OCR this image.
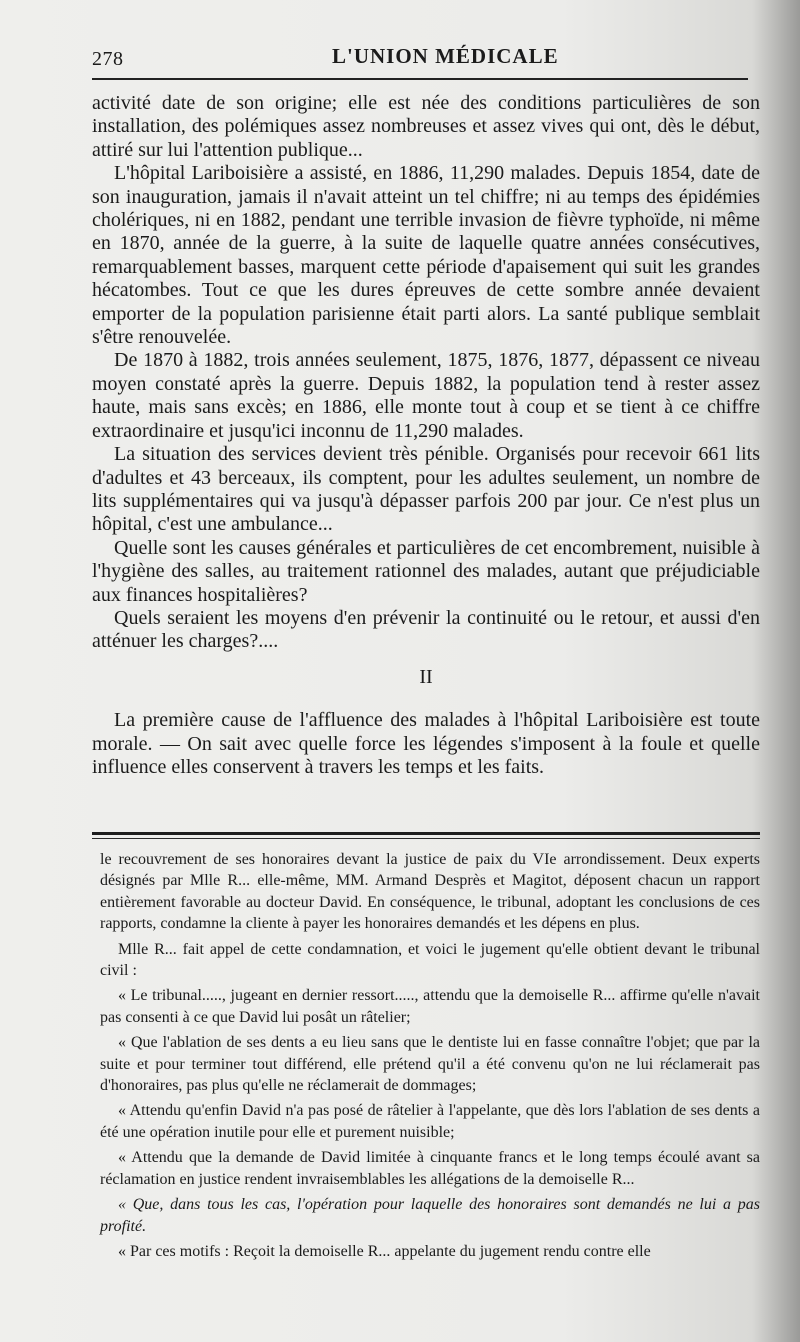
278	L'UNION MÉDICALE

activité date de son origine; elle est née des conditions particulières de son installation, des polémiques assez nombreuses et assez vives qui ont, dès le début, attiré sur lui l'attention publique...

L'hôpital Lariboisière a assisté, en 1886, 11,290 malades. Depuis 1854, date de son inauguration, jamais il n'avait atteint un tel chiffre; ni au temps des épidémies cholériques, ni en 1882, pendant une terrible invasion de fièvre typhoïde, ni même en 1870, année de la guerre, à la suite de laquelle quatre années consécutives, remarquablement basses, marquent cette période d'apaisement qui suit les grandes hécatombes. Tout ce que les dures épreuves de cette sombre année devaient emporter de la population parisienne était parti alors. La santé publique semblait s'être renouvelée.

De 1870 à 1882, trois années seulement, 1875, 1876, 1877, dépassent ce niveau moyen constaté après la guerre. Depuis 1882, la population tend à rester assez haute, mais sans excès; en 1886, elle monte tout à coup et se tient à ce chiffre extraordinaire et jusqu'ici inconnu de 11,290 malades.

La situation des services devient très pénible. Organisés pour recevoir 661 lits d'adultes et 43 berceaux, ils comptent, pour les adultes seulement, un nombre de lits supplémentaires qui va jusqu'à dépasser parfois 200 par jour. Ce n'est plus un hôpital, c'est une ambulance...

Quelle sont les causes générales et particulières de cet encombrement, nuisible à l'hygiène des salles, au traitement rationnel des malades, autant que préjudiciable aux finances hospitalières?

Quels seraient les moyens d'en prévenir la continuité ou le retour, et aussi d'en atténuer les charges?....

II

La première cause de l'affluence des malades à l'hôpital Lariboisière est toute morale. — On sait avec quelle force les légendes s'imposent à la foule et quelle influence elles conservent à travers les temps et les faits.

le recouvrement de ses honoraires devant la justice de paix du VIe arrondissement. Deux experts désignés par Mlle R... elle-même, MM. Armand Desprès et Magitot, déposent chacun un rapport entièrement favorable au docteur David. En conséquence, le tribunal, adoptant les conclusions de ces rapports, condamne la cliente à payer les honoraires demandés et les dépens en plus.

Mlle R... fait appel de cette condamnation, et voici le jugement qu'elle obtient devant le tribunal civil :

« Le tribunal....., jugeant en dernier ressort....., attendu que la demoiselle R... affirme qu'elle n'avait pas consenti à ce que David lui posât un râtelier;

« Que l'ablation de ses dents a eu lieu sans que le dentiste lui en fasse connaître l'objet; que par la suite et pour terminer tout différend, elle prétend qu'il a été convenu qu'on ne lui réclamerait pas d'honoraires, pas plus qu'elle ne réclamerait de dommages;

« Attendu qu'enfin David n'a pas posé de râtelier à l'appelante, que dès lors l'ablation de ses dents a été une opération inutile pour elle et purement nuisible;

« Attendu que la demande de David limitée à cinquante francs et le long temps écoulé avant sa réclamation en justice rendent invraisemblables les allégations de la demoiselle R...

« Que, dans tous les cas, l'opération pour laquelle des honoraires sont demandés ne lui a pas profité.

« Par ces motifs : Reçoit la demoiselle R... appelante du jugement rendu contre elle
